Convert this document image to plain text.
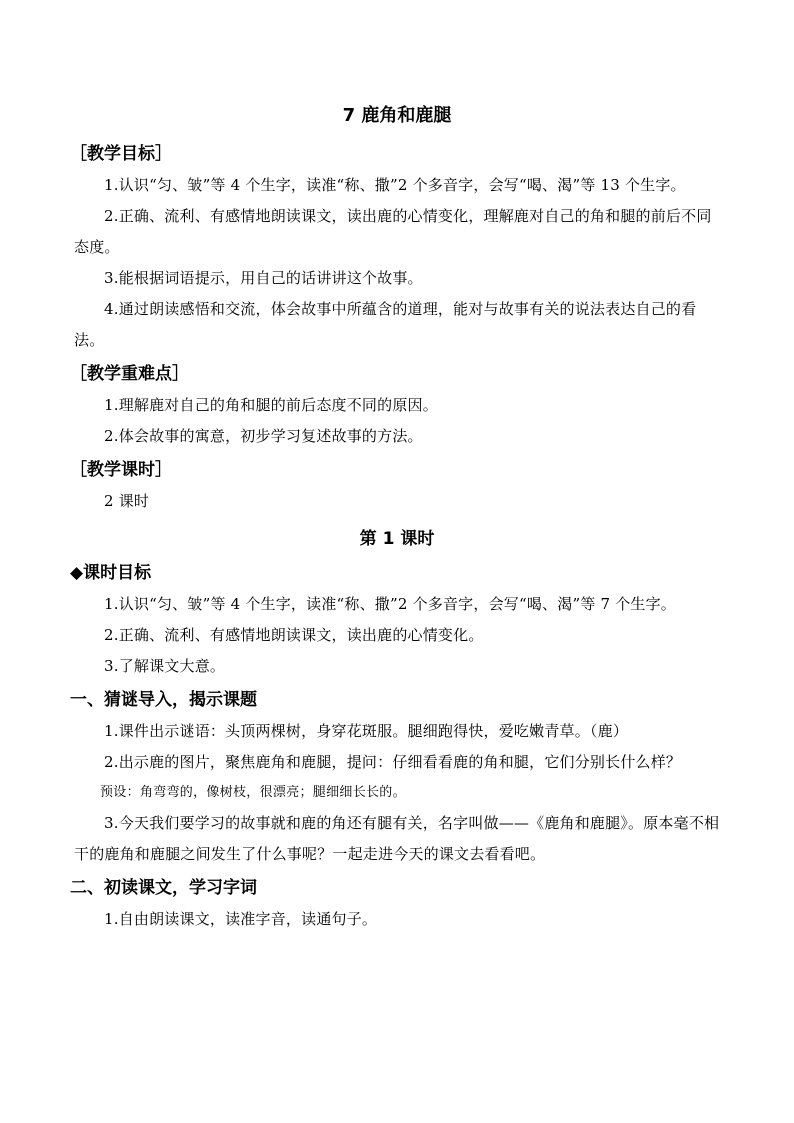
7 鹿角和鹿腿
［教学目标］

1.认识“匀、皱”等 4 个生字，读准“称、撒”2 个多音字，会写“喝、渴”等 13 个生字。

2.正确、流利、有感情地朗读课文，读出鹿的心情变化，理解鹿对自己的角和腿的前后不同态度。

3.能根据词语提示，用自己的话讲讲这个故事。

4.通过朗读感悟和交流，体会故事中所蕴含的道理，能对与故事有关的说法表达自己的看法。

［教学重难点］

1.理解鹿对自己的角和腿的前后态度不同的原因。

2.体会故事的寓意，初步学习复述故事的方法。

［教学课时］

2 课时

第 1 课时
◆课时目标

1.认识“匀、皱”等 4 个生字，读准“称、撒”2 个多音字，会写“喝、渴”等 7 个生字。

2.正确、流利、有感情地朗读课文，读出鹿的心情变化。

3.了解课文大意。

一、猜谜导入，揭示课题

1.课件出示谜语：头顶两棵树，身穿花斑服。腿细跑得快，爱吃嫩青草。（鹿）

2.出示鹿的图片，聚焦鹿角和鹿腿，提问：仔细看看鹿的角和腿，它们分别长什么样？

预设：角弯弯的，像树枝，很漂亮；腿细细长长的。

3.今天我们要学习的故事就和鹿的角还有腿有关，名字叫做——《鹿角和鹿腿》。原本毫不相干的鹿角和鹿腿之间发生了什么事呢？一起走进今天的课文去看看吧。

二、初读课文，学习字词

1.自由朗读课文，读准字音，读通句子。
